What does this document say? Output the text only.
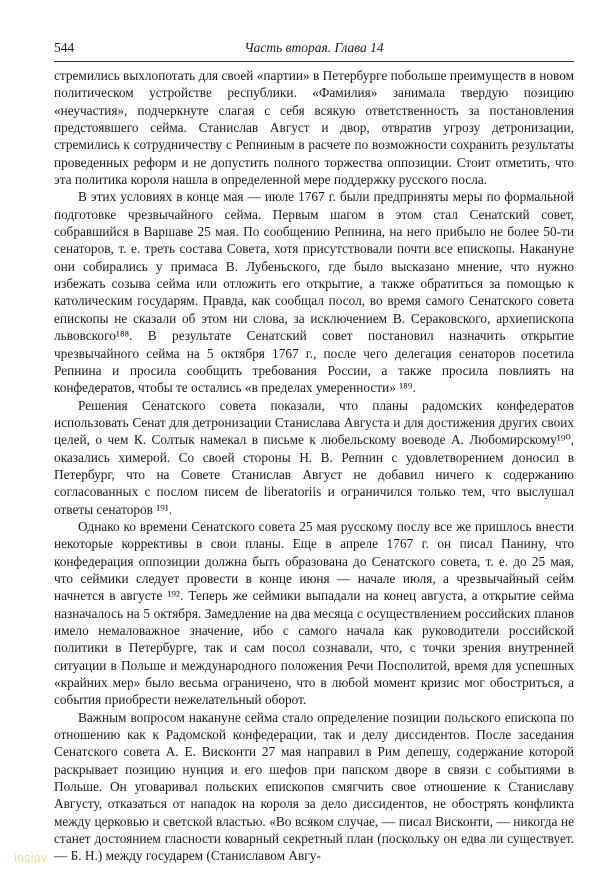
544	Часть вторая. Глава 14

стремились выхлопотать для своей «партии» в Петербурге побольше преимуществ в новом политическом устройстве республики. «Фамилия» занимала твердую позицию «неучастия», подчеркнуте слагая с себя всякую ответственность за постановления предстоявшего сейма. Станислав Август и двор, отвратив угрозу детронизации, стремились к сотрудничеству с Репниным в расчете по возможности сохранить результаты проведенных реформ и не допустить полного торжества оппозиции. Стоит отметить, что эта политика короля нашла в определенной мере поддержку русского посла.

В этих условиях в конце мая — июле 1767 г. были предприняты меры по формальной подготовке чрезвычайного сейма. Первым шагом в этом стал Сенатский совет, собравшийся в Варшаве 25 мая. По сообщению Репнина, на него прибыло не более 50-ти сенаторов, т. е. треть состава Совета, хотя присутствовали почти все епископы. Накануне они собирались у примаса В. Лубеньского, где было высказано мнение, что нужно избежать созыва сейма или отложить его открытие, а также обратиться за помощью к католическим государям. Правда, как сообщал посол, во время самого Сенатского совета епископы не сказали об этом ни слова, за исключением В. Сераковского, архиепископа львовского¹⁸⁸. В результате Сенатский совет постановил назначить открытие чрезвычайного сейма на 5 октября 1767 г., после чего делегация сенаторов посетила Репнина и просила сообщить требования России, а также просила повлиять на конфедератов, чтобы те остались «в пределах умеренности» ¹⁸⁹.

Решения Сенатского совета показали, что планы радомских конфедератов использовать Сенат для детронизации Станислава Августа и для достижения других своих целей, о чем К. Солтык намекал в письме к любельскому воеводе А. Любомирскому¹⁹⁰, оказались химерой. Со своей стороны Н. В. Репнин с удовлетворением доносил в Петербург, что на Совете Станислав Август не добавил ничего к содержанию согласованных с послом писем de liberatoriis и ограничился только тем, что выслушал ответы сенаторов ¹⁹¹.

Однако ко времени Сенатского совета 25 мая русскому послу все же пришлось внести некоторые коррективы в свои планы. Еще в апреле 1767 г. он писал Панину, что конфедерация оппозиции должна быть образована до Сенатского совета, т. е. до 25 мая, что сеймики следует провести в конце июня — начале июля, а чрезвычайный сейм начнется в августе ¹⁹². Теперь же сеймики выпадали на конец августа, а открытие сейма назначалось на 5 октября. Замедление на два месяца с осуществлением российских планов имело немаловажное значение, ибо с самого начала как руководители российской политики в Петербурге, так и сам посол сознавали, что, с точки зрения внутренней ситуации в Польше и международного положения Речи Посполитой, время для успешных «крайних мер» было весьма ограничено, что в любой момент кризис мог обостриться, а события приобрести нежелательный оборот.

Важным вопросом накануне сейма стало определение позиции польского епископа по отношению как к Радомской конфедерации, так и делу диссидентов. После заседания Сенатского совета А. Е. Висконти 27 мая направил в Рим депешу, содержание которой раскрывает позицию нунция и его шефов при папском дворе в связи с событиями в Польше. Он уговаривал польских епископов смягчить свое отношение к Станиславу Августу, отказаться от нападок на короля за дело диссидентов, не обострять конфликта между церковью и светской властью. «Во всяком случае, — писал Висконти, — никогда не станет достоянием гласности коварный секретный план (поскольку он едва ли существует. — Б. Н.) между государем (Станиславом Авгу-

inslav
